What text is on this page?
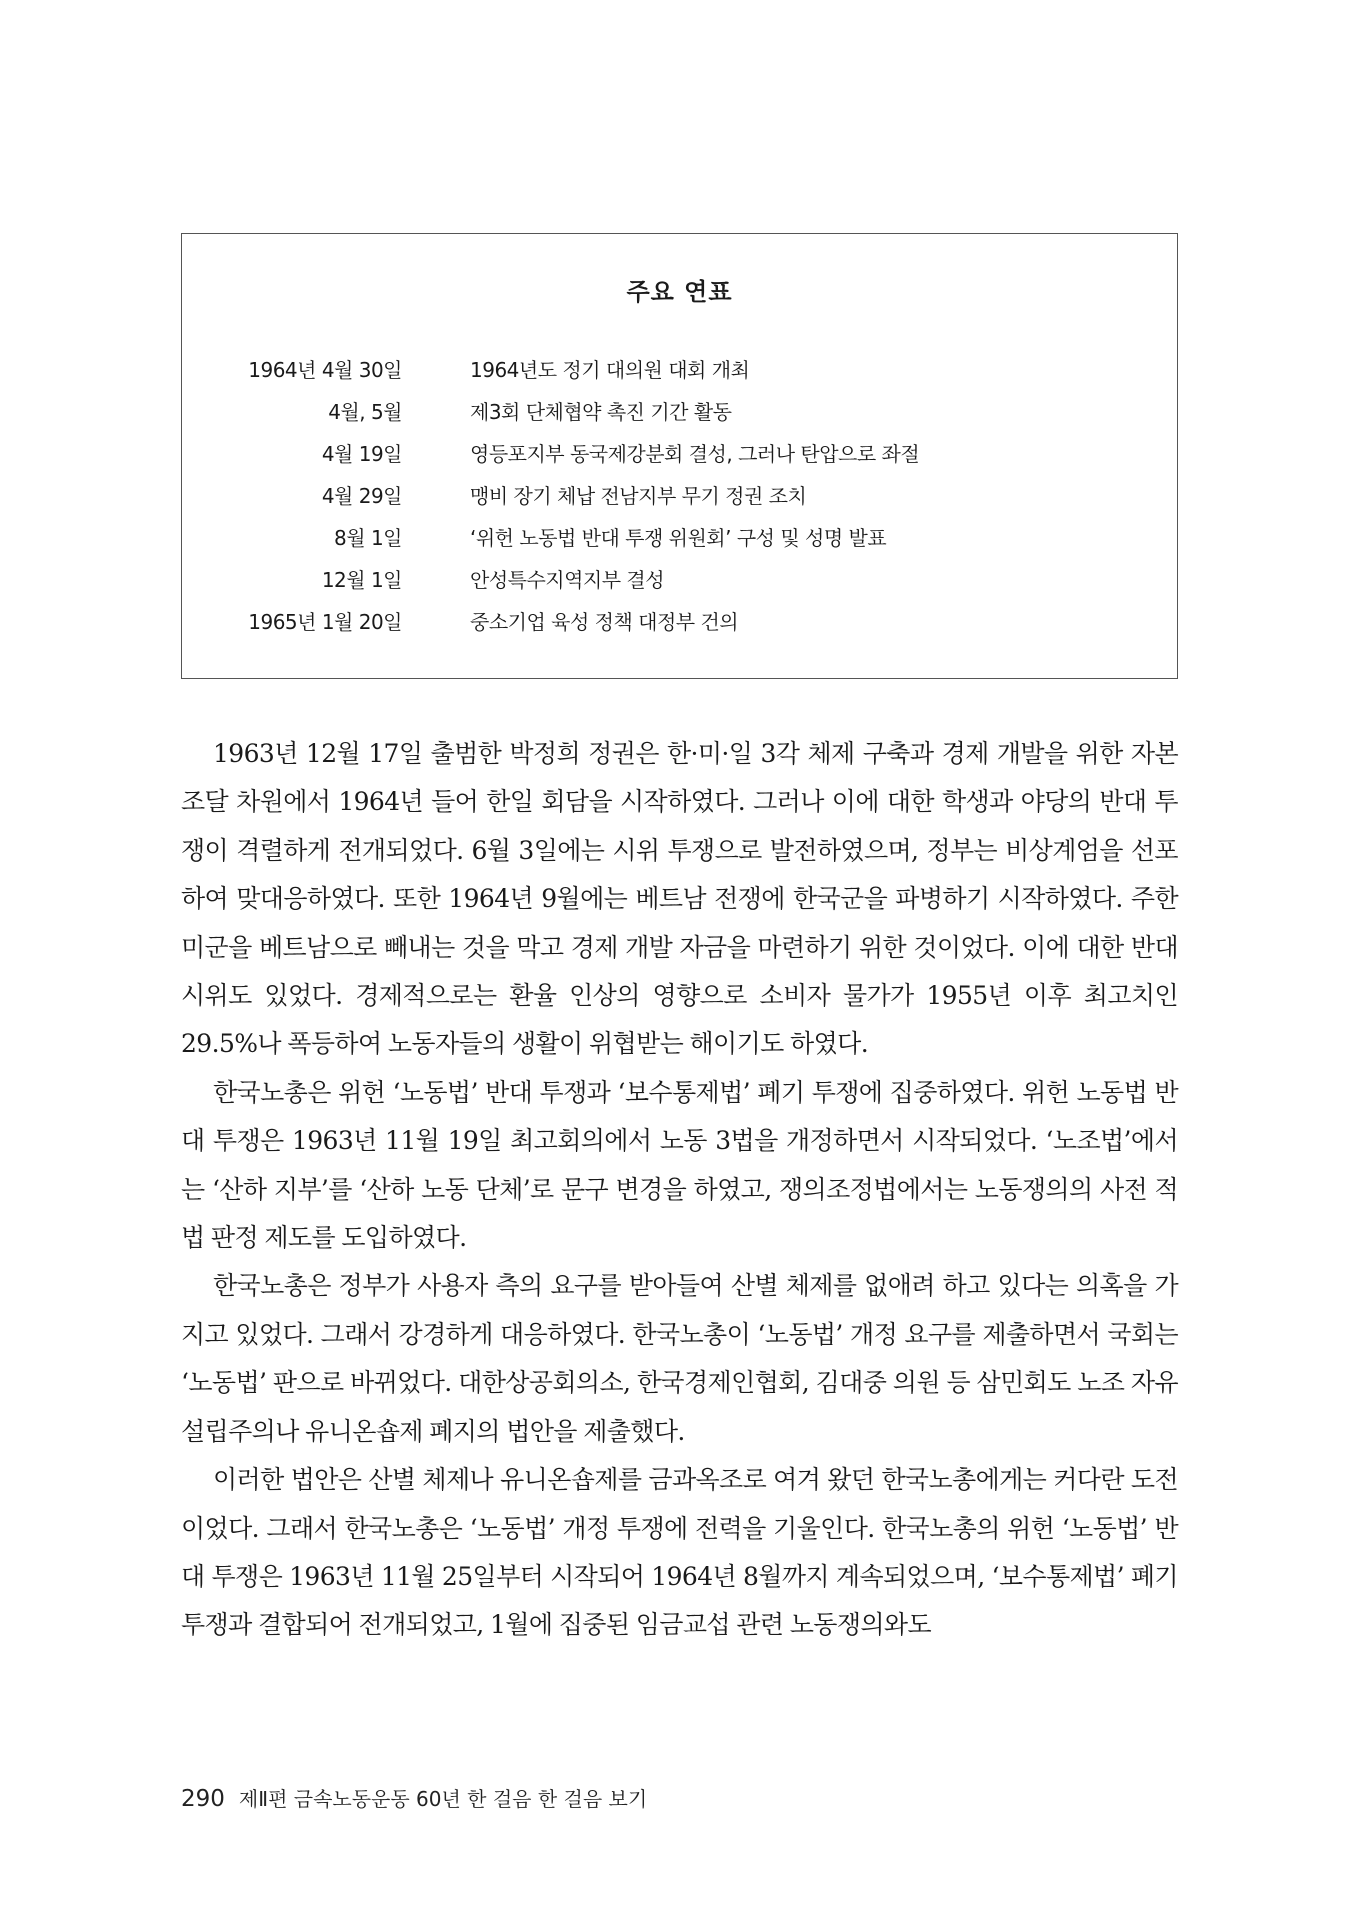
주요 연표
1964년 4월 30일	1964년도 정기 대의원 대회 개최
4월, 5월	제3회 단체협약 촉진 기간 활동
4월 19일	영등포지부 동국제강분회 결성, 그러나 탄압으로 좌절
4월 29일	맹비 장기 체납 전남지부 무기 정권 조치
8월 1일	‘위헌 노동법 반대 투쟁 위원회’ 구성 및 성명 발표
12월 1일	안성특수지역지부 결성
1965년 1월 20일	중소기업 육성 정책 대정부 건의

1963년 12월 17일 출범한 박정희 정권은 한·미·일 3각 체제 구축과 경제 개발을 위한 자본 조달 차원에서 1964년 들어 한일 회담을 시작하였다. 그러나 이에 대한 학생과 야당의 반대 투쟁이 격렬하게 전개되었다. 6월 3일에는 시위 투쟁으로 발전하였으며, 정부는 비상계엄을 선포하여 맞대응하였다. 또한 1964년 9월에는 베트남 전쟁에 한국군을 파병하기 시작하였다. 주한 미군을 베트남으로 빼내는 것을 막고 경제 개발 자금을 마련하기 위한 것이었다. 이에 대한 반대 시위도 있었다. 경제적으로는 환율 인상의 영향으로 소비자 물가가 1955년 이후 최고치인 29.5%나 폭등하여 노동자들의 생활이 위협받는 해이기도 하였다.

한국노총은 위헌 ‘노동법’ 반대 투쟁과 ‘보수통제법’ 폐기 투쟁에 집중하였다. 위헌 노동법 반대 투쟁은 1963년 11월 19일 최고회의에서 노동 3법을 개정하면서 시작되었다. ‘노조법’에서는 ‘산하 지부’를 ‘산하 노동 단체’로 문구 변경을 하였고, 쟁의조정법에서는 노동쟁의의 사전 적법 판정 제도를 도입하였다.

한국노총은 정부가 사용자 측의 요구를 받아들여 산별 체제를 없애려 하고 있다는 의혹을 가지고 있었다. 그래서 강경하게 대응하였다. 한국노총이 ‘노동법’ 개정 요구를 제출하면서 국회는 ‘노동법’ 판으로 바뀌었다. 대한상공회의소, 한국경제인협회, 김대중 의원 등 삼민회도 노조 자유 설립주의나 유니온숍제 폐지의 법안을 제출했다.

이러한 법안은 산별 체제나 유니온숍제를 금과옥조로 여겨 왔던 한국노총에게는 커다란 도전이었다. 그래서 한국노총은 ‘노동법’ 개정 투쟁에 전력을 기울인다. 한국노총의 위헌 ‘노동법’ 반대 투쟁은 1963년 11월 25일부터 시작되어 1964년 8월까지 계속되었으며, ‘보수통제법’ 폐기 투쟁과 결합되어 전개되었고, 1월에 집중된 임금교섭 관련 노동쟁의와도

290 제Ⅱ편 금속노동운동 60년 한 걸음 한 걸음 보기
